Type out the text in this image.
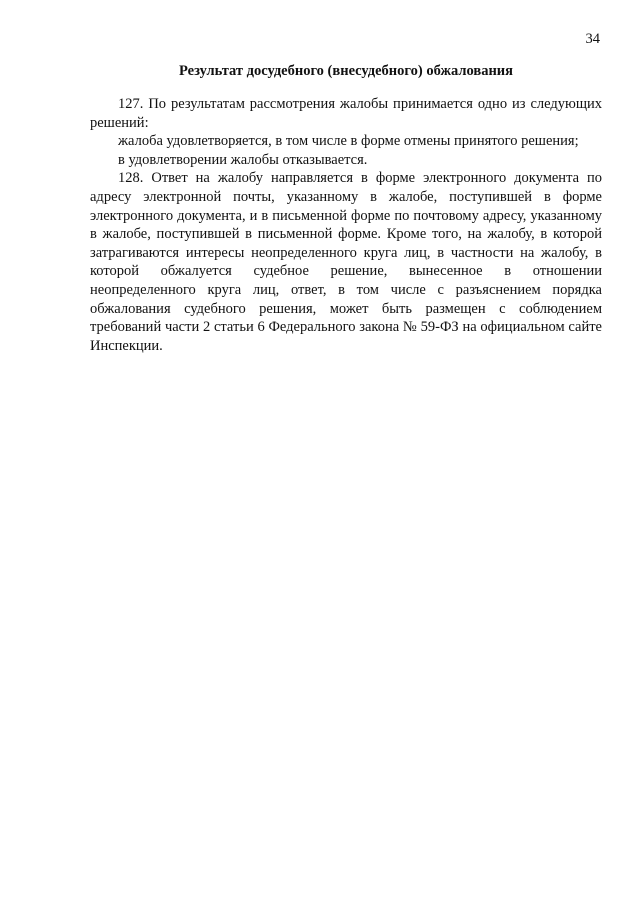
34
Результат досудебного (внесудебного) обжалования

127. По результатам рассмотрения жалобы принимается одно из следующих решений:

жалоба удовлетворяется, в том числе в форме отмены принятого решения;

в удовлетворении жалобы отказывается.

128. Ответ на жалобу направляется в форме электронного документа по адресу электронной почты, указанному в жалобе, поступившей в форме электронного документа, и в письменной форме по почтовому адресу, указанному в жалобе, поступившей в письменной форме. Кроме того, на жалобу, в которой затрагиваются интересы неопределенного круга лиц, в частности на жалобу, в которой обжалуется судебное решение, вынесенное в отношении неопределенного круга лиц, ответ, в том числе с разъяснением порядка обжалования судебного решения, может быть размещен с соблюдением требований части 2 статьи 6 Федерального закона № 59-ФЗ на официальном сайте Инспекции.
